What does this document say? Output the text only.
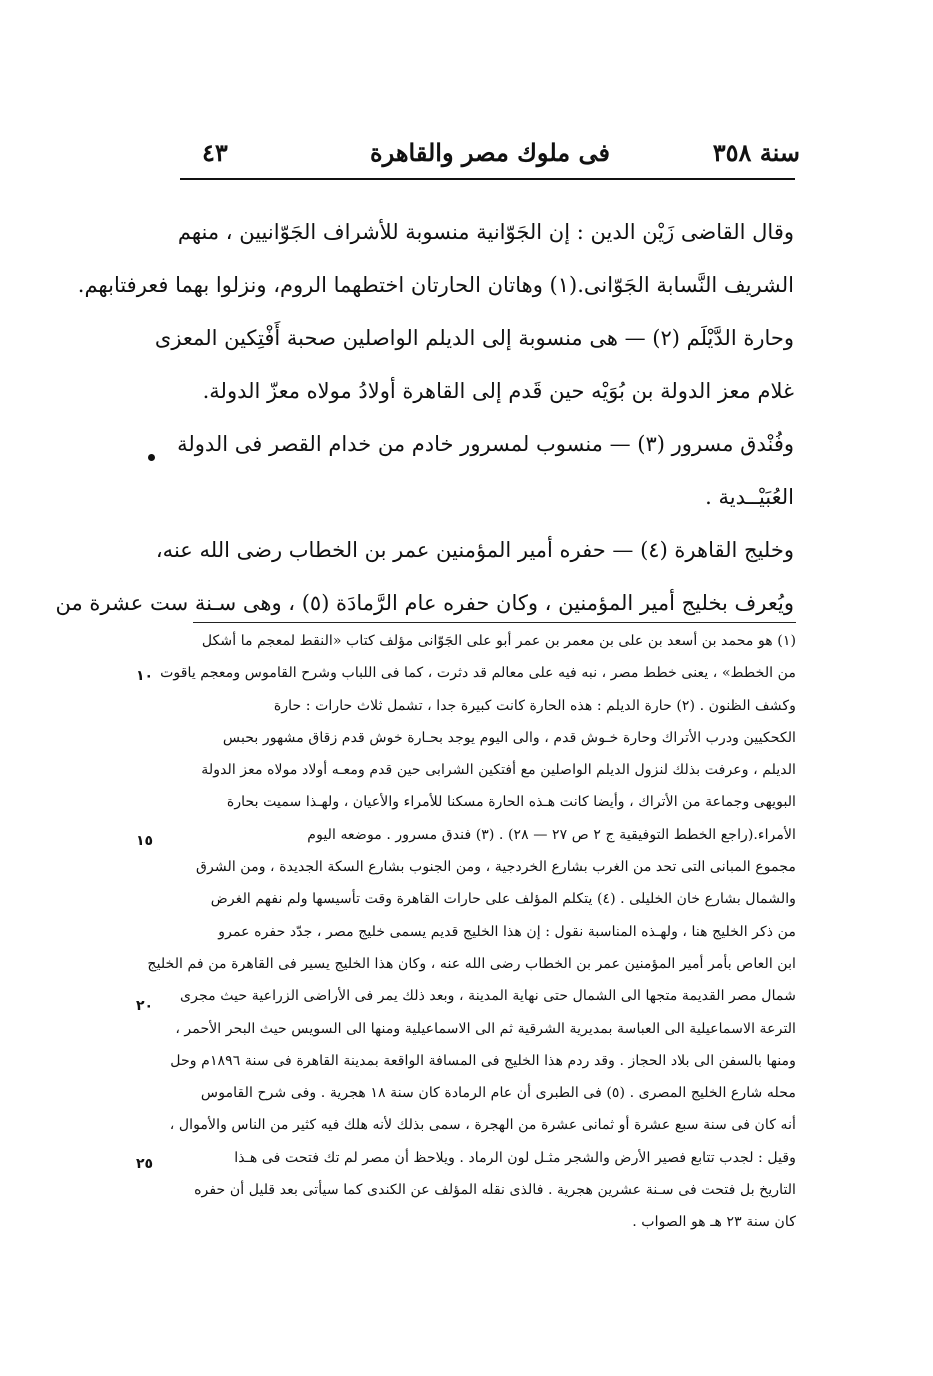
سنة ٣٥٨
فى ملوك مصر والقاهرة
٤٣
وقال القاضى زَيْن الدين : إن الجَوّانية منسوبة للأشراف الجَوّانيين ، منهم
الشريف النَّسابة الجَوّانى.(١) وهاتان الحارتان اختطهما الروم، ونزلوا بهما فعرفتابهم.
وحارة الدَّيْلَم (٢) — هى منسوبة إلى الديلم الواصلين صحبة أَفْتِكين المعزى
غلام معز الدولة بن بُوَيْه حين قَدم إلى القاهرة أولادُ مولاه معزّ الدولة.
وفُنْدق مسرور (٣) — منسوب لمسرور خادم من خدام القصر فى الدولة
العُبَيْــدية .
وخليج القاهرة (٤) — حفره أمير المؤمنين عمر بن الخطاب رضى الله عنه،
ويُعرف بخليج أمير المؤمنين ، وكان حفره عام الرَّمادَة (٥) ، وهى سـنة ست عشرة من
(١) هو محمد بن أسعد بن على بن معمر بن عمر أبو على الجَوّانى مؤلف كتاب «النقط لمعجم ما أشكل
من الخطط» ، يعنى خطط مصر ، نبه فيه على معالم قد دثرت ، كما فى اللباب وشرح القاموس ومعجم ياقوت
وكشف الظنون . (٢) حارة الديلم : هذه الحارة كانت كبيرة جدا ، تشمل ثلاث حارات : حارة
الكحكيين ودرب الأتراك وحارة خـوش قدم ، والى اليوم يوجد بحـارة خوش قدم زقاق مشهور بحبس
الديلم ، وعرفت بذلك لنزول الديلم الواصلين مع أفتكين الشرابى حين قدم ومعـه أولاد مولاه معز الدولة
البويهى وجماعة من الأتراك ، وأيضا كانت هـذه الحارة مسكنا للأمراء والأعيان ، ولهـذا سميت بحارة
الأمراء.(راجع الخطط التوفيقية ج ٢ ص ٢٧ — ٢٨) . (٣) فندق مسرور . موضعه اليوم
مجموع المبانى التى تحد من الغرب بشارع الخردجية ، ومن الجنوب بشارع السكة الجديدة ، ومن الشرق
والشمال بشارع خان الخليلى . (٤) يتكلم المؤلف على حارات القاهرة وقت تأسيسها ولم نفهم الغرض
من ذكر الخليج هنا ، ولهـذه المناسبة نقول : إن هذا الخليج قديم يسمى خليج مصر ، جدّد حفره عمرو
ابن العاص بأمر أمير المؤمنين عمر بن الخطاب رضى الله عنه ، وكان هذا الخليج يسير فى القاهرة من فم الخليج
شمال مصر القديمة متجها الى الشمال حتى نهاية المدينة ، وبعد ذلك يمر فى الأراضى الزراعية حيث مجرى
الترعة الاسماعيلية الى العباسة بمديرية الشرقية ثم الى الاسماعيلية ومنها الى السويس حيث البحر الأحمر ،
ومنها بالسفن الى بلاد الحجاز . وقد ردم هذا الخليج فى المسافة الواقعة بمدينة القاهرة فى سنة ١٨٩٦م وحل
محله شارع الخليج المصرى . (٥) فى الطبرى أن عام الرمادة كان سنة ١٨ هجرية . وفى شرح القاموس
أنه كان فى سنة سبع عشرة أو ثمانى عشرة من الهجرة ، سمى بذلك لأنه هلك فيه كثير من الناس والأموال ،
وقيل : لجدب تتابع فصير الأرض والشجر مثـل لون الرماد . ويلاحظ أن مصر لم تك فتحت فى هـذا
التاريخ بل فتحت فى سـنة عشرين هجرية . فالذى نقله المؤلف عن الكندى كما سيأتى بعد قليل أن حفره
كان سنة ٢٣ هـ هو الصواب .
١٠
١٥
٢٠
٢٥
